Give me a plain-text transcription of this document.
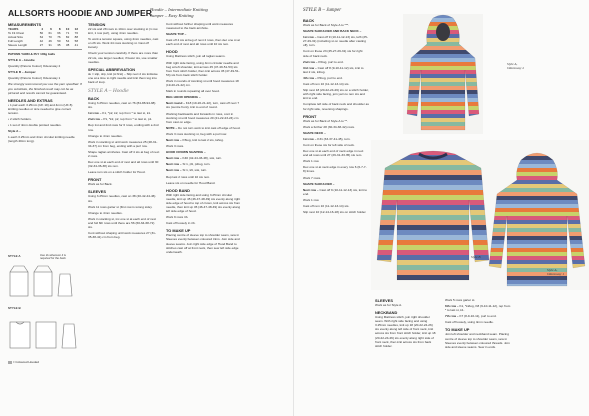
ALLSORTS HOODIE AND JUMPER
Hoodie – Intermediate Knitting
Jumper – Easy Knitting
MEASUREMENTS
YEARS	4	6	8	10	12
To Fit Chest	56	61	66	71	76
Actual Size	64	70	76	82	88
Full Length	42	46	50	54	58
Sleeve Length	27	31	35	38	41
PATONS YARN & PLY 100g balls
STYLE A – Hoodie
Quantity (Patons Colour) Odeonway 2
STYLE B – Jumper
Quantity (Patons Colour) Odeonway 1
We strongly recommend you use the yarn specified. If you substitute, the finished result may not be as pictured and results cannot be guaranteed.
NEEDLES AND EXTRAS
• 1 pair each 3.25mm (UK 10) and 4mm (UK 8) knitting needles or size needed to give correct tension.
• 2 stitch holders.
• 1 set of 4mm double pointed needles.
Style A –
1 each 3.25mm and 4mm circular knitting needle (length 40cm long).
STYLE A	Use 3s wherever it is required for the back.
STYLE B
= Coloured Hooded
TENSION
22 sts and 28 rows to 10cm over stocking st (1 row knit, 1 row purl), using 4mm needles.
To work a tension square, using 4mm needles, cast on 26 sts. Work 44 rows stocking st. Cast off loosely.
Check your tension carefully. If there are more than 22 sts, use larger needles; if fewer sts, use smaller needles.
SPECIAL ABBREVIATION
sk = slip, slip, knit (sl first) – Slip next 2 sts knitwise one at a time to right needle and knit them tog into back of loop.
STYLE A – Hoodie
BACK
Using 3.25mm needles, cast on 76 (84-88-94-98) sts.
1st row – K1, *p2, k2, rep from * to last st, k1.
2nd row – P1, *k2, p2, rep from * to last st, p1.
Rep 1st and 2nd rows for 6 rows, ending with a 2nd row.
Change to 4mm needles.
Work in stocking st until work measures 25 (28-31-34-37) cm from beg, ending with a purl row.
Shape raglan armholes. Cast off 4 sts at beg of next 2 rows.
Dec one st at each end of next and alt rows until 30 (32-34-36-38) sts rem.
Leave rem sts on a stitch holder for Hood.
FRONT
Work as for Back.
SLEEVES
Using 3.25mm needles, cast on 38 (40-42-44-46) sts.
Work 11 rows garter st (first row is wrong side).
Change to 4mm needles.
Work in stocking st, inc one st at each end of next and foll 6th rows until there are 56 (60-64-68-72) sts.
Cont without shaping until work measures 27 (31-35-38-41) cm from beg.
Cont without further shaping until work measures measured to the back armhole.
SHAPE TOP –
Cast off 4 sts at beg of next 2 rows, then dec one st at each end of next and alt rows until 10 sts rem.
HOOD
Using Mattress stitch, join all raglan seams.
With right side facing, using 4mm circular needle and beg at left shoulder, knit across 45 (47-49-51-53) sts from front stitch holder, then knit across 45 (47-49-51-53) sts from back stitch holder.
Work in rounds of stocking st until hood measures 18 (19-20-21-22) cm.
Mark in rounds repeating all over hood.
BEG HOOD OPENING –
Next round – K18 (19-20-21-22), turn, cast off next 7 sts (centre front), knit to end of round.
Working backwards and forwards in rows, cont in stocking st until hood measures 20 (21-22-23-24) cm from cast on edge.
NOTE – Do not turn work to knit cast off edge of hood.
Work 3 rows stocking st, beg with a purl row.
Next row – K5tog, knit to last 2 sts, k2tog.
Work 3 rows.
HOOD CROWN SHAPING –
Next row – K40 (42-44-46-48), ssk, turn.
Next row – Sl 1, p9, p2tog, turn.
Next row – Sl 1, k9, ssk, turn.
Rep last 2 rows until 10 sts rem.
Leave sts on needle for Hood Band.
HOOD BAND
With right side facing and using 3.25mm circular needle, knit up 45 (46-47-48-49) sts evenly along right side edge of hood to top of crown, knit across sts from needle, then knit up 45 (46-47-48-49) sts evenly along left side edge of hood.
Work 9 rows rib.
Cast off loosely in rib.
TO MAKE UP
Placing centre of sleeve top to shoulder seam, sew in Sleeves evenly between coloured trims. Join side and sleeve seams. Join right side edge of Hood Band to stitches cast off at front neck, then sew left side edge underneath.
STYLE B – Jumper
BACK
Work as for Back of Style A to ***.
SHAPE SHOULDER AND BACK NECK –
1st row – Cast off 9 (10-11-12-13) sts, k23 (25-27-29-31) (including st on needle after casting off), turn.
Cont on these 23 (25-27-29-31) sts for right side of back neck.
2nd row – P2tog, purl to end.
3rd row – Cast off 8 (9-10-11-12) sts, knit to last 2 sts, k2tog.
4th row – P2tog, purl to end.
Cast off rem 10 (11-12-13-14) sts.
Slip next 18 (20-22-24-26) sts on a stitch holder, with right side facing, join yarn to rem sts and knit to end.
Complete left side of back neck and shoulder as for right side, reversing shapings.
FRONT
Work as for Back of Style A to **.
Work a further 28 (30-34-38-42) rows.
SHAPE NECK –
1st row – K31 (33-37-41-45), turn.
Cont on these sts for left side of neck.
Dec one st at each end of neck edge in next and alt rows until 27 (29-31-33-35) sts rem.
Work 1 row.
Dec one st at neck edge in every row 6 (6-7-7-8) times.
Work 7 rows.
SHAPE SHOULDER –
Next row – Cast off 9 (10-11-12-13) sts, knit to end.
Work 1 row.
Cast off rem 10 (11-12-13-14) sts.
Slip next 10 (12-14-16-18) sts on stitch holder.
Style A,
Odeonway 2
Style B
Style A,
Odeonway 1
SLEEVES
Work as for Style A.
NECKBAND
Using Mattress stitch, join right shoulder seam. With right side facing and using 3.25mm needles, knit up 18 (20-22-24-26) sts evenly along left side of front neck, knit across sts from front stitch holder, knit up 18 (20-22-24-26) sts evenly along right side of front neck, then knit across sts from back stitch holder.
Work 5 rows garter st.
6th row – K1, *k2tog, K8 (9-10-11-12), rep from * to last st, k1.
7th row – K7 (8-9-10-11), purl to end.
Cast off loosely, using 4mm needle.
TO MAKE UP
Join left shoulder and neckband seam. Placing centre of sleeve top to shoulder seam, sew in Sleeves evenly between coloured threads. Join side and sleeve seams. Sew in ends.
